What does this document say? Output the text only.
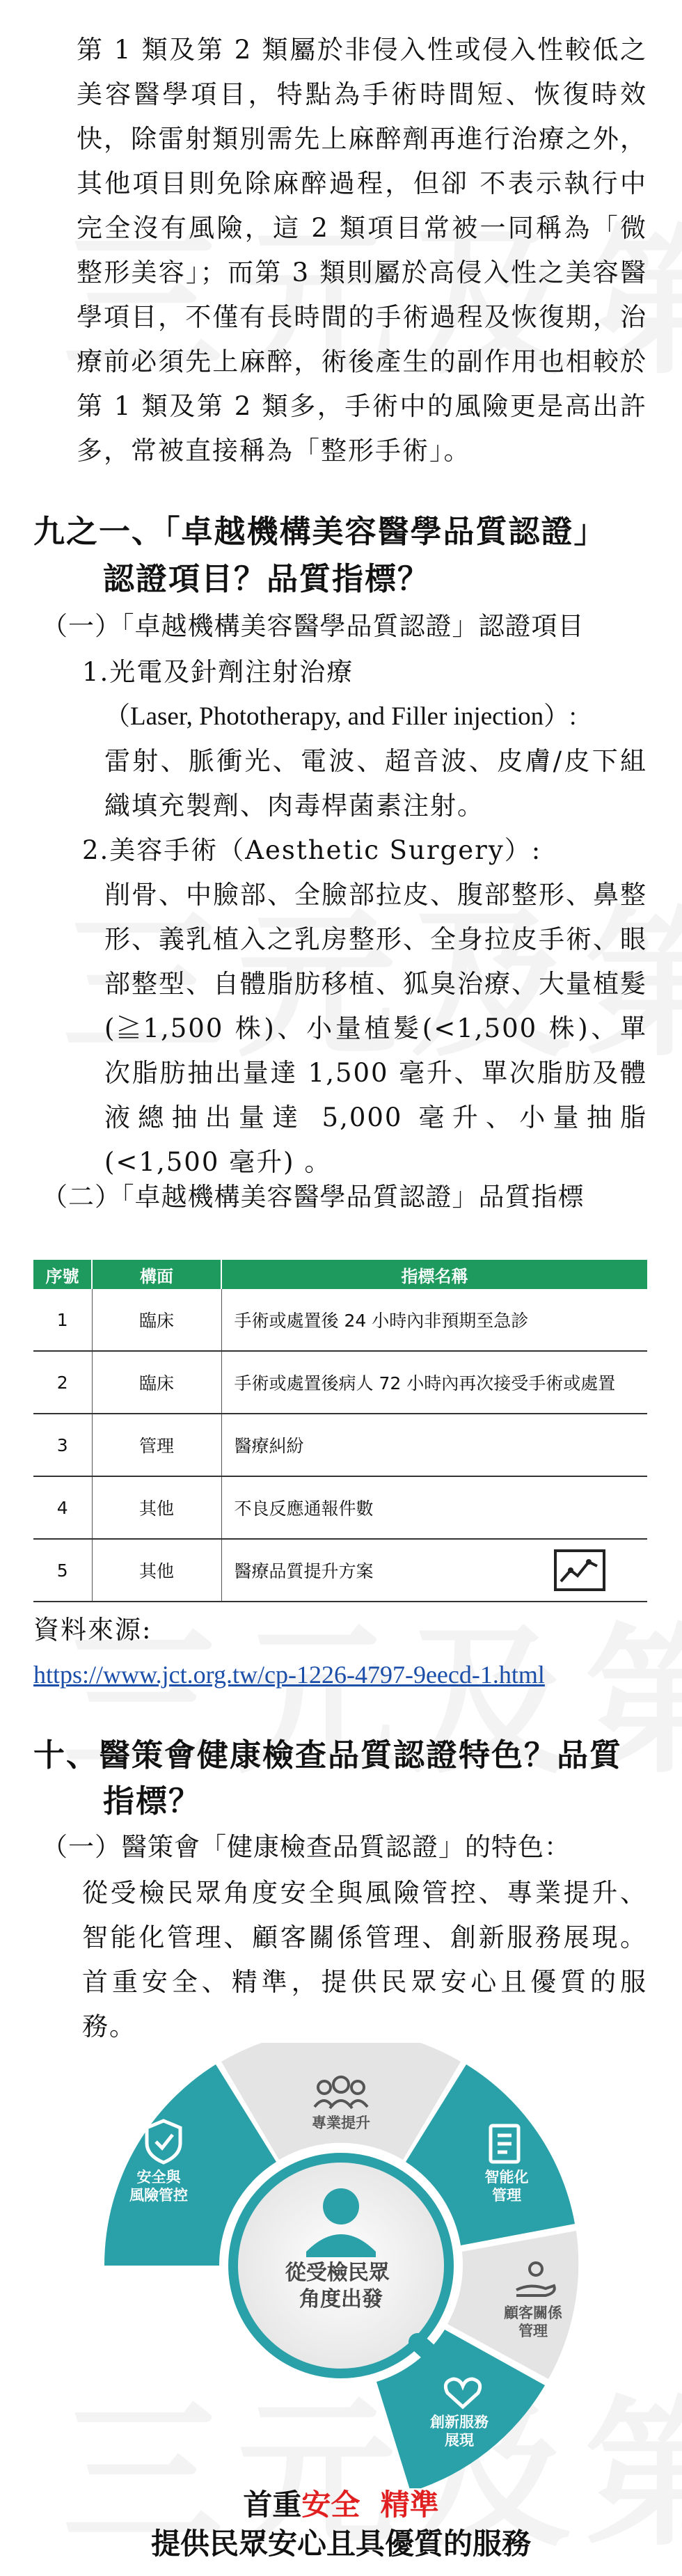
第 1 類及第 2 類屬於非侵入性或侵入性較低之美容醫學項目，特點為手術時間短、恢復時效快，除雷射類別需先上麻醉劑再進行治療之外，其他項目則免除麻醉過程，但卻 不表示執行中完全沒有風險，這 2 類項目常被一同稱為「微整形美容」；而第 3 類則屬於高侵入性之美容醫學項目，不僅有長時間的手術過程及恢復期，治療前必須先上麻醉，術後產生的副作用也相較於第 1 類及第 2 類多，手術中的風險更是高出許多，常被直接稱為「整形手術」。

九之一、「卓越機構美容醫學品質認證」
認證項目？品質指標？

（一）「卓越機構美容醫學品質認證」認證項目

1.光電及針劑注射治療

（Laser, Phototherapy, and Filler injection）:

雷射、脈衝光、電波、超音波、皮膚/皮下組織填充製劑、肉毒桿菌素注射。

2.美容手術（Aesthetic Surgery）:

削骨、中臉部、全臉部拉皮、腹部整形、鼻整形、義乳植入之乳房整形、全身拉皮手術、眼部整型、自體脂肪移植、狐臭治療、大量植髮(≧1,500 株)、小量植髮(<1,500 株)、單次脂肪抽出量達 1,500 毫升、單次脂肪及體液總抽出量達 5,000 毫升、小量抽脂(<1,500 毫升) 。

（二）「卓越機構美容醫學品質認證」品質指標

序號	構面	指標名稱
1	臨床	手術或處置後 24 小時內非預期至急診
2	臨床	手術或處置後病人 72 小時內再次接受手術或處置
3	管理	醫療糾紛
4	其他	不良反應通報件數
5	其他	醫療品質提升方案

資料來源:

https://www.jct.org.tw/cp-1226-4797-9eecd-1.html

十、醫策會健康檢查品質認證特色？品質
指標？

（一）醫策會「健康檢查品質認證」的特色：

從受檢民眾角度安全與風險管控、專業提升、智能化管理、顧客關係管理、創新服務展現。首重安全、精準，提供民眾安心且優質的服務。

從受檢民眾 角度出發
安全與風險管控
專業提升
智能化管理
顧客關係管理
創新服務展現

首重安全 精準

提供民眾安心且具優質的服務
